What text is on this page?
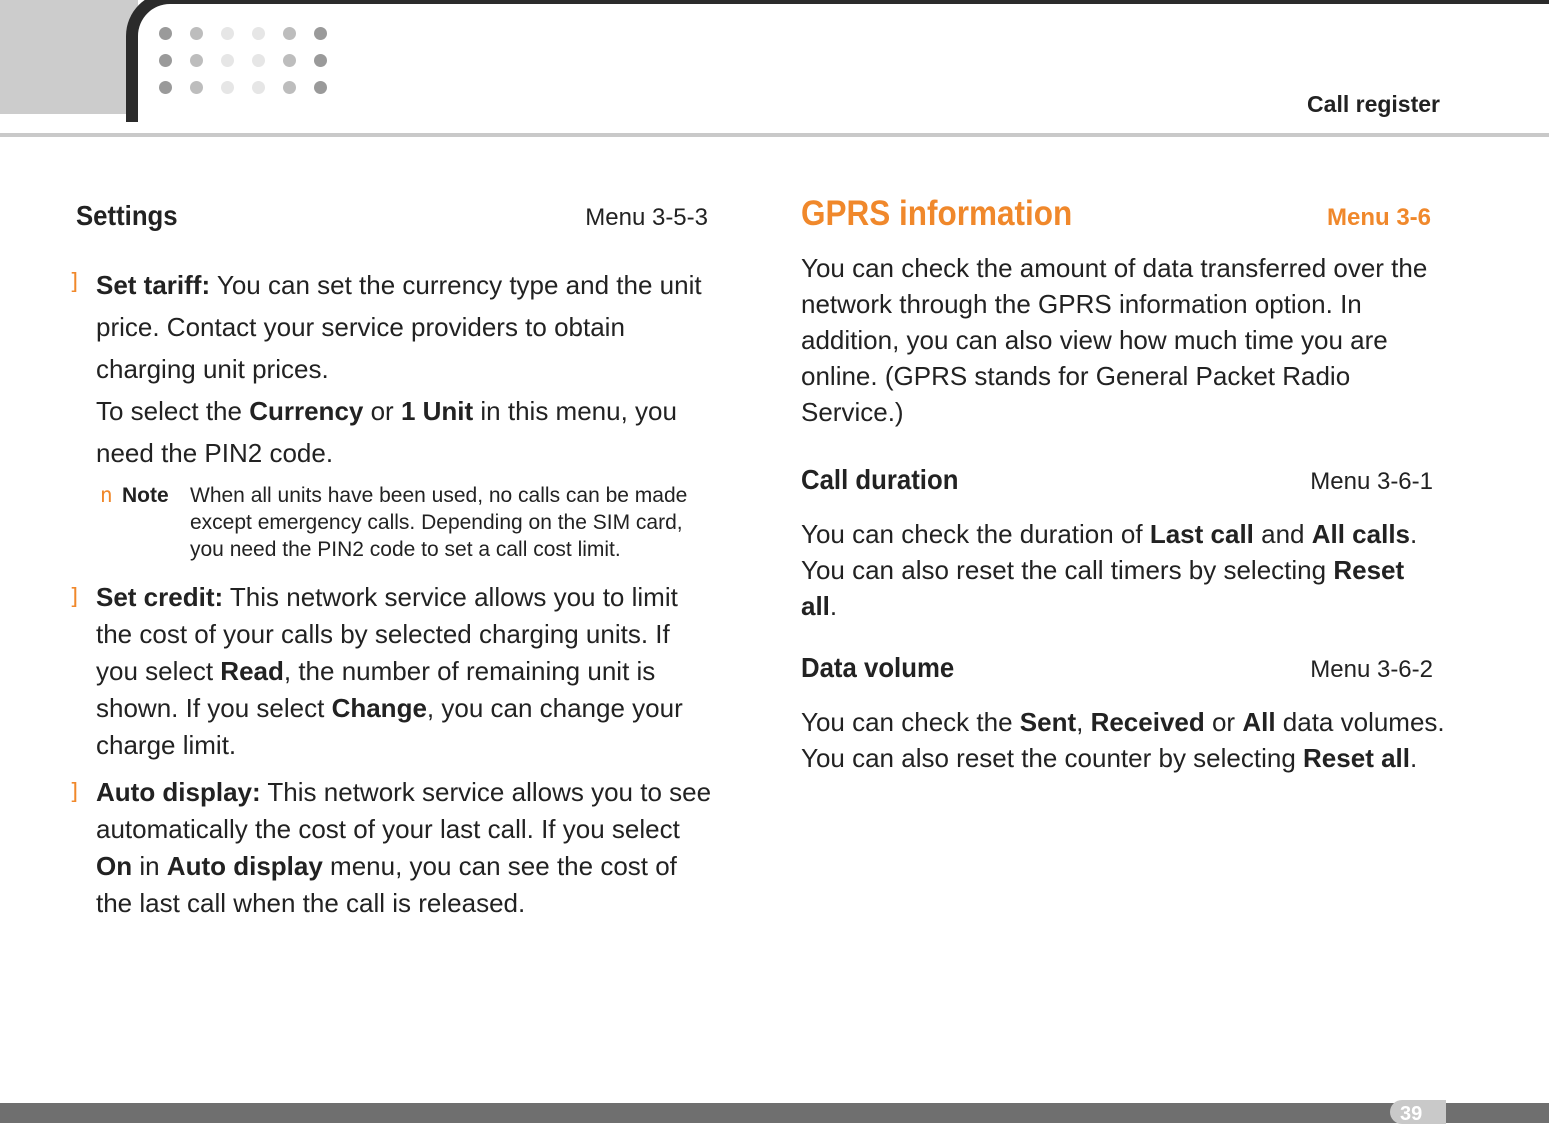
Call register
Settings	Menu 3-5-3
] Set tariff: You can set the currency type and the unit price. Contact your service providers to obtain charging unit prices.
To select the Currency or 1 Unit in this menu, you need the PIN2 code.
n Note	When all units have been used, no calls can be made except emergency calls. Depending on the SIM card, you need the PIN2 code to set a call cost limit.
] Set credit: This network service allows you to limit the cost of your calls by selected charging units. If you select Read, the number of remaining unit is shown. If you select Change, you can change your charge limit.
] Auto display: This network service allows you to see automatically the cost of your last call. If you select On in Auto display menu, you can see the cost of the last call when the call is released.
GPRS information	Menu 3-6
You can check the amount of data transferred over the network through the GPRS information option. In addition, you can also view how much time you are online. (GPRS stands for General Packet Radio Service.)
Call duration	Menu 3-6-1
You can check the duration of Last call and All calls. You can also reset the call timers by selecting Reset all.
Data volume	Menu 3-6-2
You can check the Sent, Received or All data volumes. You can also reset the counter by selecting Reset all.
39
